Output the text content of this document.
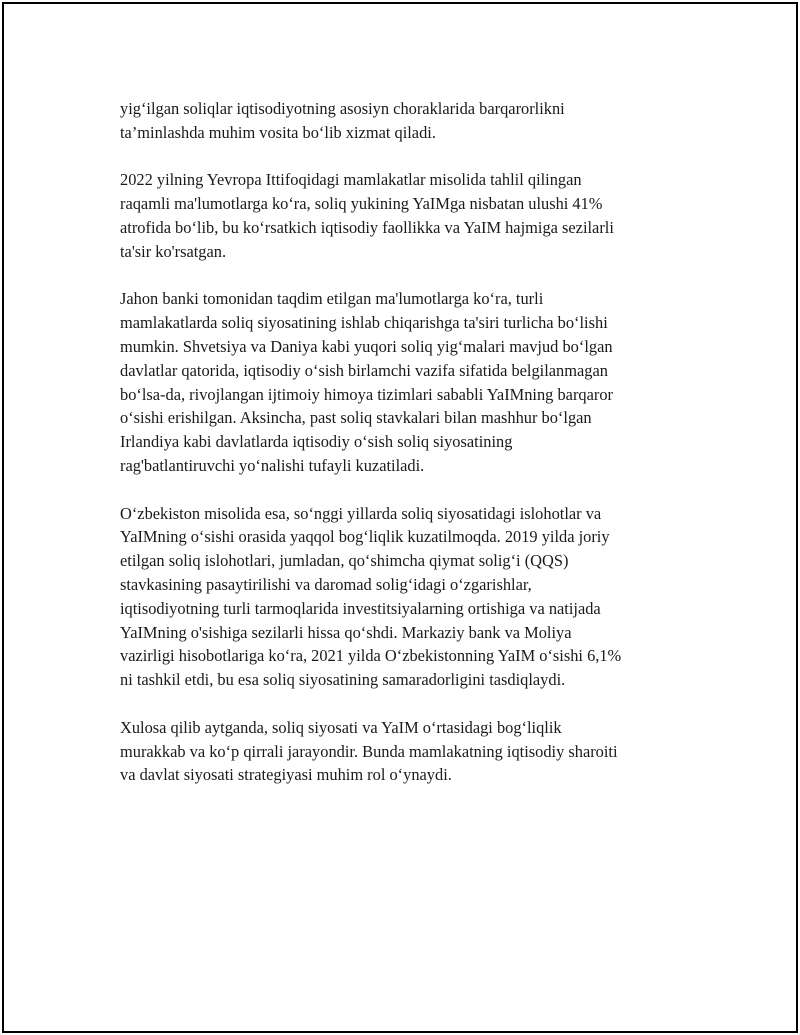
yig‘ilgan soliqlar iqtisodiyotning asosiyn choraklarida barqarorlikni
ta’minlashda muhim vosita bo‘lib xizmat qiladi.

2022 yilning Yevropa Ittifoqidagi mamlakatlar misolida tahlil qilingan
raqamli ma'lumotlarga ko‘ra, soliq yukining YaIMga nisbatan ulushi 41%
atrofida bo‘lib, bu ko‘rsatkich iqtisodiy faollikka va YaIM hajmiga sezilarli
ta'sir ko'rsatgan.

Jahon banki tomonidan taqdim etilgan ma'lumotlarga ko‘ra, turli
mamlakatlarda soliq siyosatining ishlab chiqarishga ta'siri turlicha bo‘lishi
mumkin. Shvetsiya va Daniya kabi yuqori soliq yig‘malari mavjud bo‘lgan
davlatlar qatorida, iqtisodiy o‘sish birlamchi vazifa sifatida belgilanmagan
bo‘lsa-da, rivojlangan ijtimoiy himoya tizimlari sababli YaIMning barqaror
o‘sishi erishilgan. Aksincha, past soliq stavkalari bilan mashhur bo‘lgan
Irlandiya kabi davlatlarda iqtisodiy o‘sish soliq siyosatining
rag'batlantiruvchi yo‘nalishi tufayli kuzatiladi.

O‘zbekiston misolida esa, so‘nggi yillarda soliq siyosatidagi islohotlar va
YaIMning o‘sishi orasida yaqqol bog‘liqlik kuzatilmoqda. 2019 yilda joriy
etilgan soliq islohotlari, jumladan, qo‘shimcha qiymat solig‘i (QQS)
stavkasining pasaytirilishi va daromad solig‘idagi o‘zgarishlar,
iqtisodiyotning turli tarmoqlarida investitsiyalarning ortishiga va natijada
YaIMning o'sishiga sezilarli hissa qo‘shdi. Markaziy bank va Moliya
vazirligi hisobotlariga ko‘ra, 2021 yilda O‘zbekistonning YaIM o‘sishi 6,1%
ni tashkil etdi, bu esa soliq siyosatining samaradorligini tasdiqlaydi.

Xulosa qilib aytganda, soliq siyosati va YaIM o‘rtasidagi bog‘liqlik
murakkab va ko‘p qirrali jarayondir. Bunda mamlakatning iqtisodiy sharoiti
va davlat siyosati strategiyasi muhim rol o‘ynaydi.
